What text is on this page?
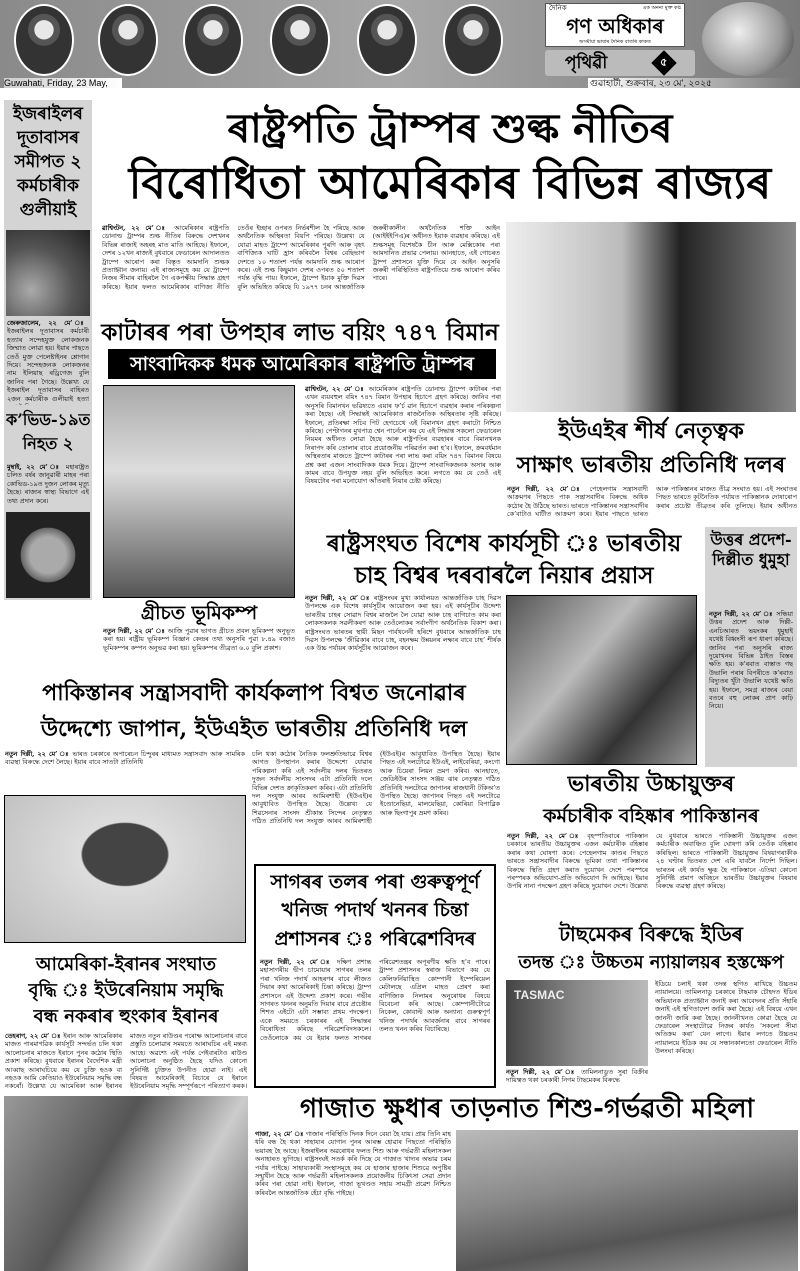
দৈনিক	এক অনন্য মুক্ত কণ্ঠ
গণ অধিকাৰ
অসমীয়া ভাষাৰ দৈনিক বাতৰি কাকত
পৃথিৱী	৫
Guwahati, Friday, 23 May,	গুৱাহাটী, শুক্ৰবাৰ, ২৩ মে’, ২০২৫
ইজৰাইলৰ দূতাবাসৰ সমীপত ২ কৰ্মচাৰীক গুলীয়াই
জেৰুজালেম, ২২ মে’ ঃ ইজৰাইলৰ দূতাবাসৰ কৰ্মচাৰী হত্যাৰ সন্দেহযুক্ত লোকজনক জিম্মাত লোৱা হয়। ইয়াৰ পাছতে তেওঁ মুক্ত পেলেষ্টাইনৰ শ্লোগান দিয়ে। সন্দেহজনক লোকজনৰ নাম ইলিয়াছ ৰড্ৰিগেজ বুলি জানিব পৰা গৈছে। উল্লেখ্য যে ইজৰাইল দূতাবাসৰ বাহিৰত ২জন কৰ্মচাৰীক গুলীয়াই হত্যা
ক’ভিড-১৯ত নিহত ২
মুম্বাই, ২২ মে’ ঃ মহাৰাষ্ট্ৰত চলিত বৰ্ষৰ জানুৱাৰী মাহৰ পৰা কোভিড-১৯ত দুজন লোকৰ মৃত্যু হৈছে। ৰাজ্যৰ স্বাস্থ্য বিভাগে এই তথ্য প্ৰদান কৰে।
ৰাষ্ট্ৰপতি ট্ৰাম্পৰ শুল্ক নীতিৰ
বিৰোধিতা আমেৰিকাৰ বিভিন্ন ৰাজ্যৰ
ৱাশ্বিংটন, ২২ মে’ ঃ আমেৰিকাৰ ৰাষ্ট্ৰপতি ডোনাল্ড ট্ৰাম্পৰ শুল্ক নীতিৰ বিৰুদ্ধে দেশখনৰ বিভিন্ন ৰাজ্যই অহৰহ মাত মাতি আহিছে। ইফালে, দেশৰ ১২খন ৰাজ্যই বুধবাৰে ফেডাৰেল আদালতত ট্ৰাম্পে আৰোপ কৰা বিস্তৃত আমদানি শুল্কক প্ৰত্যাহ্বান জনায়। এই ৰাজ্যসমূহে কয় যে ট্ৰাম্পে নিজৰ সীমাৰ বাহিৰলৈ গৈ একপক্ষীয় সিদ্ধান্ত গ্ৰহণ কৰিছে। ইয়াৰ ফলত আমেৰিকাৰ বাণিজ্য নীতি তেওঁৰ ইচ্ছাৰ ওপৰত নিৰ্ভৰশীল হৈ পৰিছে আৰু অৰ্থনৈতিক অস্থিৰতা বিয়পি পৰিছে। উল্লেখ্য যে যোৱা মাহত ট্ৰাম্পে আমেৰিকাৰ পুৰণি আৰু বৃহৎ বাণিজ্যিক ঘাটি হ্ৰাস কৰিবলৈ বিশ্বৰ বেছিভাগ দেশতে ১০ শতাংশ পৰ্যন্ত আমদানি শুল্ক আৰোপ কৰে। এই শুল্ক কিছুমান দেশৰ ওপৰত ৫০ শতাংশ পৰ্যন্ত বৃদ্ধি পায়। ইফালে, ট্ৰাম্পে ইয়াক মুক্তি দিৱস বুলি অভিহিত কৰিছে যি ১৯৭৭ চনৰ আন্তৰ্জাতিক জৰুৰীকালীন অৰ্থনৈতিক শক্তি আইন (আইইইপিএ)ৰ অধীনত ইয়াক ব্যৱহাৰ কৰিছে। এই শুল্কসমূহ বিশেষকৈ চীন আৰু মেক্সিকোৰ পৰা আমদানিত প্ৰভাৱ পেলায়। আনহাতে, এই গোচৰত ট্ৰাম্প প্ৰশাসনে যুক্তি দিয়ে যে আইন অনুসৰি জৰুৰী পৰিস্থিতিত ৰাষ্ট্ৰপতিয়ে শুল্ক আৰোপ কৰিব পাৰে।
কাটাৰৰ পৰা উপহাৰ লাভ বয়িং ৭৪৭ বিমান
সাংবাদিকক ধমক আমেৰিকাৰ ৰাষ্ট্ৰপতি ট্ৰাম্পৰ
ৱাশ্বিংটন, ২২ মে’ ঃ আমেৰিকাৰ ৰাষ্ট্ৰপতি ডোনাল্ড ট্ৰাম্পে কাটাৰৰ পৰা এখন ব্যয়বহুল বয়িং ৭৪৭ বিমান উপহাৰ হিচাপে গ্ৰহণ কৰিছে। জানিব পৰা অনুসৰি বিমানখন ভৱিষ্যতে এয়াৰ ফ’ৰ্চ ৱান হিচাপে ব্যৱহাৰ কৰাৰ পৰিকল্পনা কৰা হৈছে। এই সিদ্ধান্তই আমেৰিকাত ৰাজনৈতিক অস্থিৰতাৰ সৃষ্টি কৰিছে। ইফালে, প্ৰতিৰক্ষা সচিব পিট হেগচেথে এই বিমানখন গ্ৰহণ কৰাটো নিশ্চিত কৰিছে। পেণ্টাগনৰ মুখপাত্ৰ শ্বেন পাৰ্নেলে কয় যে এই সিদ্ধান্ত সকলো ফেডাৰেল নিয়মৰ অধীনত লোৱা হৈছে আৰু ৰাষ্ট্ৰপতিৰ ব্যৱহাৰৰ বাবে বিমানখনক নিৰাপদ কৰি তোলাৰ বাবে প্ৰয়োজনীয় পৰিৱৰ্তন কৰা হ’ব। ইফালে, ক্ৰমবৰ্ধমান অস্থিৰতাৰ মাজতে ট্ৰাম্পে কাটাৰৰ পৰা লাভ কৰা বয়িং ৭৪৭ বিমানৰ বিষয়ে প্ৰশ্ন কৰা এজন সাংবাদিকক ধমক দিয়ে। ট্ৰাম্পে সাংবাদিকজনক অসাৰ আৰু কামৰ বাবে উপযুক্ত নহয় বুলি অভিহিত কৰে। লগতে কয় যে তেওঁ এই বিষয়টোৰ পৰা মনোযোগ আঁতৰাই নিয়াৰ চেষ্টা কৰিছে।
ইউএইৰ শীৰ্ষ নেতৃত্বক
সাক্ষাৎ ভাৰতীয় প্ৰতিনিধি দলৰ
নতুন দিল্লী, ২২ মে’ ঃ পেহেলগাম সন্ত্ৰাসবাদী আক্ৰমণৰ পিছতে পাক সন্ত্ৰাসবাদীৰ বিৰুদ্ধে অধিক কঠোৰ হৈ উঠিছে ভাৰত। ভাৰতে পাকিস্তানৰ সন্ত্ৰাসবাদীৰ কে’বাটাও ঘাটীত আক্ৰমণ কৰে। ইয়াৰ পাছতে ভাৰত আৰু পাকিস্তানৰ মাজত তীব্ৰ সংঘাত হয়। এই সংঘাতৰ পিছত ভাৰতে কূটনৈতিক পৰ্যায়ত পাকিস্তানক দোষাৰোপ কৰাৰ প্ৰচেষ্টা তীব্ৰতৰ কৰি তুলিছে। ইয়াৰ অধীনত
ৰাষ্ট্ৰসংঘত বিশেষ কাৰ্যসূচী ঃ ভাৰতীয়
চাহ বিশ্বৰ দৰবাৰলৈ নিয়াৰ প্ৰয়াস
নতুন দিল্লী, ২২ মে’ ঃ ৰাষ্ট্ৰসংঘৰ মুখ্য কাৰ্যালয়ত আন্তৰ্জাতিক চাহ দিৱস উপলক্ষে এক বিশেষ কাৰ্যসূচীৰ আয়োজন কৰা হয়। এই কাৰ্যসূচীৰ উদ্দেশ্য ভাৰতীয় চাহৰ সোৱাদ বিশ্বৰ মাজলৈ লৈ যোৱা আৰু চাহ বাগিচাত কাম কৰা লোকসকলক সৱলীকৰণ আৰু তেওঁলোকৰ সৰ্বাংগীণ অৰ্থনৈতিক বিকাশ কৰা। ৰাষ্ট্ৰসংঘত ভাৰতৰ স্থায়ী মিছন পাৰ্বথনেনী হৰিশে বুধবাৰে আন্তৰ্জাতিক চাহ দিৱস উপলক্ষে ‘জীৱিকাৰ বাবে চাহ, বহনক্ষম উন্নয়নৰ লক্ষ্যৰ বাবে চাহ’ শীৰ্ষক এক উচ্চ পৰ্যায়ৰ কাৰ্যসূচীৰ আয়োজন কৰে।
উত্তৰ প্ৰদেশ-দিল্লীত ধুমুহা
নতুন দিল্লী, ২২ মে’ ঃ সন্ধিয়া উত্তৰ প্ৰদেশ আৰু দিল্লী-এনচিআৰত ভয়ংকৰ ধুমুহাই যথেষ্ট বিধ্বংসী ৰূপ ধাৰণ কৰিছে। জানিব পৰা অনুসৰি ৰাজ্য দুয়োখনৰ বিভিন্ন ঠাইত বিস্তৰ ক্ষতি হয়। ক’ৰবাত বাস্তাত গছ উভালি পৰাৰ বিপৰীতে ক’ৰবাত বিদ্যুতৰ খুঁটা উভালি যথেষ্ট ক্ষতি হয়। ইফালে, সমগ্ৰ ৰাজ্যৰ বেয়া বতৰে বহু লোকৰ প্ৰাণ কাঢ়ি নিয়ে।
গ্ৰীচত ভূমিকম্প
নতুন দিল্লী, ২২ মে’ ঃ আজি পুৱাৰ ভাগত গ্ৰীচত প্ৰবল ভূমিকম্প অনুভূত কৰা হয়। ৰাষ্ট্ৰীয় ভূমিকম্প বিজ্ঞান কেন্দ্ৰৰ তথ্য অনুসৰি পুৱা ৮.৪৯ বজাত ভূমিকম্পৰ কম্পন অনুভৱ কৰা হয়। ভূমিকম্পৰ তীব্ৰতা ৬.০ বুলি প্ৰকাশ।
পাকিস্তানৰ সন্ত্ৰাসবাদী কাৰ্যকলাপ বিশ্বত জনোৱাৰ
উদ্দেশ্যে জাপান, ইউএইত ভাৰতীয় প্ৰতিনিধি দল
নতুন দিল্লী, ২২ মে’ ঃ ভাৰত চৰকাৰে অপাৰেচন চিন্দুৰৰ মাধ্যমত সন্ত্ৰাসবাদ আৰু সামৰিক ব্যৱস্থা বিৰুদ্ধে দেশে লৈছে। ইয়াৰ বাবে সাতটা প্ৰতিনিধি
চলি থকা কঠোৰ নৈতিক ফলশ্ৰুতিভাৱে বিশ্বৰ আগত উপস্থাপন কৰাৰ উদ্দেশ্যে যোৱাৰ পৰিকল্পনা কৰি এই সৰ্বদলীয় দলৰ ভিতৰত দুজন সৰ্বদলীয় সাংসদৰ এটা প্ৰতিনিধি দলে বিভিন্ন দেশত ক্ৰাকৃতিকৰণ কৰিব। এটা প্ৰতিনিধি দল সংযুক্ত আৰব আমিৰশাহী (ইউএই)ৰ আবুধাবিত উপস্থিত হৈছে। উল্লেখ্য যে শিৱসেনাৰ সাংসদ শ্ৰীকান্ত সিন্দেৰ নেতৃত্বত গঠিত প্ৰতিনিধি দল সংযুক্ত আৰব আমিৰশাহী (ইউএই)ৰ আবুধাবিত উপস্থিত হৈছে। ইয়াৰ পিছত এই দলটোৱে ইউএই, লাইবেৰিয়া, কংগো আৰু চিয়েৰা লিয়ন ভ্ৰমণ কৰিব। আনহাতে, জেডিইউৰ সাংসদ সঞ্জয় ঝাৰ নেতৃত্বত গঠিত প্ৰতিনিধি দলটোৱে জাপানৰ ৰাজধানী টকিঅ’ত উপস্থিত হৈছে। জাপানৰ পিছত এই দলটোৱে ইণ্ডোনেছিয়া, মালয়েছিয়া, কোৰিয়া বিপাব্লিক আৰু ছিংগাপুৰ ভ্ৰমণ কৰিব।
ভাৰতীয় উচ্চায়ুক্তৰ
কৰ্মচাৰীক বহিষ্কাৰ পাকিস্তানৰ
নতুন দিল্লী, ২২ মে’ ঃ বৃহস্পতিবাৰে পাকিস্তান চৰকাৰে ভাৰতীয় উচ্চায়ুক্তৰ এজন কৰ্মচাৰীক বহিষ্কাৰ কৰাৰ কথা ঘোষণা কৰে। পেহেলগাম কাণ্ডৰ পিছতে ভাৰতে সন্ত্ৰাসবাদীৰ বিৰুদ্ধে ভূমিকা তথা পাকিস্তানৰ বিৰুদ্ধে স্থিতি গ্ৰহণ কৰাত দুয়োখন দেশে পৰস্পৰে পৰস্পৰক অভিযোগ-প্ৰতি অভিযোগ দি আহিছে। ইয়াৰ উপৰি নানা পদক্ষেপ গ্ৰহণ কৰিছে দুয়োখন দেশে। উল্লেখ্য যে বুধবাৰে ভাৰতে পাকিস্তানী উচ্চায়ুক্তৰ এজন কৰ্মচাৰীক অবাঞ্চিত বুলি ঘোষণা কৰি তেওঁক বহিষ্কাৰ কৰিছিল। ভাৰতে পাকিস্তানী উচ্চায়ুক্তৰ বিষয়াগৰাকীক ২৪ ঘণ্টাৰ ভিতৰত দেশ এৰি যাবলৈ নিৰ্দেশ দিছিল। ভাৰতৰ এই কাৰ্যত ক্ষুব্ধ হৈ পাকিস্তানে এতিয়া কোনো সুনিৰ্দিষ্ট প্ৰমাণ অবিহনে ভাৰতীয় উচ্চায়ুক্তৰ বিষয়াৰ বিৰুদ্ধে ব্যৱস্থা গ্ৰহণ কৰিছে।
সাগৰৰ তলৰ পৰা গুৰুত্বপূৰ্ণ
খনিজ পদাৰ্থ খননৰ চিন্তা
প্ৰশাসনৰ ঃ পৰিৱেশবিদৰ
নতুন দিল্লী, ২২ মে’ ঃ দক্ষিণ প্ৰশান্ত মহাসাগৰীয় দ্বীপ চামোয়াৰ সাগৰৰ তলৰ পৰা খনিজ পদাৰ্থ আহৰণৰ বাবে লীজত দিয়াৰ কথা আমেৰিকাই চিন্তা কৰিছে। ট্ৰাম্প প্ৰশাসনে এই উদ্দেশ্য প্ৰকাশ কৰে। গভীৰ সাগৰত খননৰ অনুমতি দিয়াৰ বাবে প্ৰচেষ্টাৰ শিশত এইটো এটা সম্ভাব্য প্ৰথম পদক্ষেপ। একে সময়তে চৰকাৰৰ এই সিদ্ধান্তৰ বিৰোধিতা কৰিছে পৰিৱেশবিদসকলে। তেওঁলোকে কয় যে ইয়াৰ ফলত সাগৰৰ পৰিৱেশতন্ত্ৰৰ অপূৰণীয় ক্ষতি হ’ব পাৰে। ট্ৰাম্প প্ৰশাসনৰ স্বৰাজ বিভাগে কয় যে কেলিফৰ্নিয়াস্থিত কোম্পানী ইম্পেৰিয়েল মেটালছে এপ্ৰিল মাহত প্ৰেৰণ কৰা বাণিজ্যিক নিলামৰ অনুৰোধৰ বিষয়ে বিবেচনা কৰি আছে। কোম্পানীটোৱে নিকেল, কোবাল্ট আৰু অন্যান্য গুৰুত্বপূৰ্ণ খনিজ পদাৰ্থৰ আবৰ্জনাৰ বাবে সাগৰৰ তলত খনন কৰিব বিচাৰিছে।
আমেৰিকা-ইৰানৰ সংঘাত
বৃদ্ধি ঃ ইউৰেনিয়াম সমৃদ্ধি
বন্ধ নকৰাৰ হুংকাৰ ইৰানৰ
তেহৰাণ, ২২ মে’ ঃ ইৰান আৰু আমেৰিকাৰ মাজত পাৰমাণৱিক কাৰ্যসূচী সন্দৰ্ভত চলি থকা আলোচনাৰ মাজতে ইৰানে পুনৰ কঠোৰ স্থিতি প্ৰকাশ কৰিছে। বুধবাৰে ইৰানৰ বৈদেশিক মন্ত্ৰী আব্বাছ আৰাঘচিয়ে কয় যে চুক্তি হওক বা নহওক আমি কেতিয়াও ইউৰেনিয়াম সমৃদ্ধি বন্ধ নকৰোঁ। উল্লেখ্য যে আমেৰিকা আৰু ইৰানৰ মাজত নতুন ৰাউণ্ডৰ পৰোক্ষ আলোচনাৰ বাবে প্ৰস্তুতি চলোৱাৰ সময়তে আৰাঘচিৰ এই মন্তব্য আহে। অৱশ্যে এই পৰ্যন্ত পেইবাৰটাও ৰাউণ্ড আলোচনা অনুষ্ঠিত হৈছে যদিও কোনো সুনিৰ্দিষ্ট চুক্তিত উপনীত হোৱা নাই। এই বিষয়ত আমেৰিকাই বিচাৰে যে ইৰানে ইউৰেনিয়াম সমৃদ্ধি সম্পূৰ্ণৰূপে পৰিত্যাগ কৰক।
টাছমেকৰ বিৰুদ্ধে ইডিৰ
তদন্ত ঃ উচ্চতম ন্যায়ালয়ৰ হস্তক্ষেপ
TASMAC
নতুন দিল্লী, ২২ মে’ ঃ তামিলনাডুত সুৰা বিক্ৰীৰ দায়িত্বত থকা চৰকাৰী নিগম টাছমেকৰ বিৰুদ্ধে
ইডিয়ে চলাই থকা তদন্ত স্থগিত ৰাখিছে উচ্চতম ন্যায়ালয়ে। তামিলনাডু চৰকাৰে টাছমাক চৌহদত ইডিৰ অভিযানক প্ৰত্যাহ্বান জনাই কৰা আবেদনৰ প্ৰতি সঁহাৰি জনাই এই স্থগিতাদেশ জাৰি কৰা হৈছে। এই বিষয়ে এখন জাননী জাৰি কৰা হৈছে। জাননীখনত কোৱা হৈছে যে ফেডাৰেল সংস্থাটোৱে নিজৰ কাৰ্যত ‘সকলো সীমা অতিক্ৰম কৰা’ যেন লাগে। ইয়াৰ লগতে উচ্চতম ন্যায়ালয়ে ইডিক কয় যে সন্ধানকালতো ফেডাৰেল নীতি উলংঘা কৰিছে।
গাজাত ক্ষুধাৰ তাড়নাত শিশু-গৰ্ভৱতী মহিলা
গাজা, ২২ মে’ ঃ গাজাৰ পৰিস্থিতি দিনক দিনে বেয়া হৈ যায়। প্ৰায় তিনি মাহ ধৰি বন্ধ হৈ থকা সাহায্যৰ যোগান পুনৰ আৰম্ভ হোৱাৰ পিছতো পৰিস্থিতি ভয়াবহ হৈ আছে। ইজৰাইলৰ অৱৰোধৰ ফলত শিশু আৰু গৰ্ভৱতী মহিলাসকল অনাহাৰত ভুগিছে। ৰাষ্ট্ৰসংঘই সতৰ্ক কৰি দিছে যে গাজাত খাদ্যৰ অভাৱ চৰম পৰ্যায় পাইছে। সাহায্যকাৰী সংস্থাসমূহে কয় যে হাজাৰ হাজাৰ শিশুৱে অপুষ্টিৰ সন্মুখীন হৈছে আৰু গৰ্ভৱতী মহিলাসকলক প্ৰয়োজনীয় চিকিৎসা সেৱা প্ৰদান কৰিব পৰা হোৱা নাই। ইফালে, গাজা ভূখণ্ডত সহায় সামগ্ৰী প্ৰৱেশ নিশ্চিত কৰিবলৈ আন্তৰ্জাতিক হেঁচা বৃদ্ধি পাইছে।
